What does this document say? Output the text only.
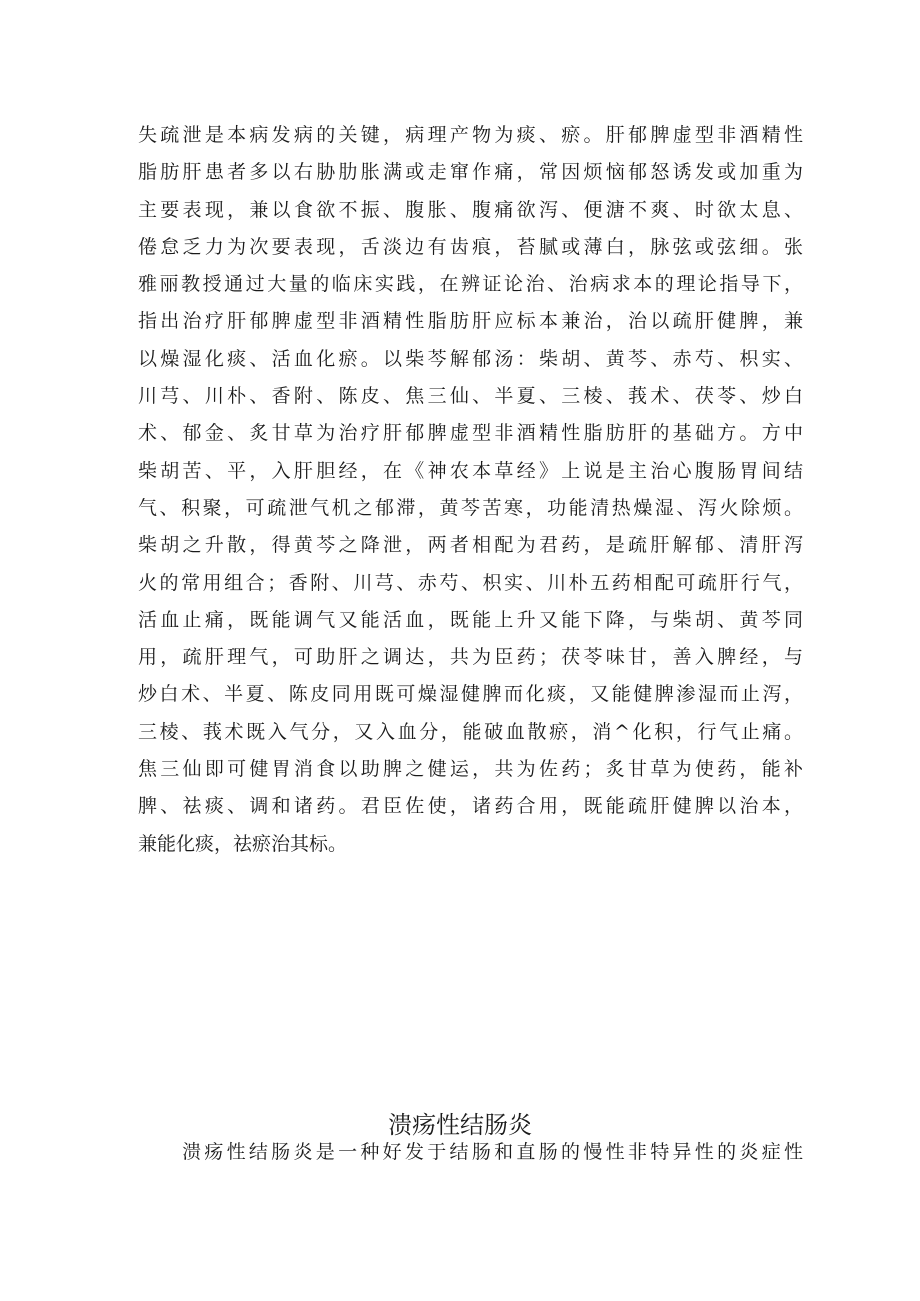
失疏泄是本病发病的关键，病理产物为痰、瘀。肝郁脾虚型非酒精性
脂肪肝患者多以右胁肋胀满或走窜作痛，常因烦恼郁怒诱发或加重为
主要表现，兼以食欲不振、腹胀、腹痛欲泻、便溏不爽、时欲太息、
倦怠乏力为次要表现，舌淡边有齿痕，苔腻或薄白，脉弦或弦细。张
雅丽教授通过大量的临床实践，在辨证论治、治病求本的理论指导下，
指出治疗肝郁脾虚型非酒精性脂肪肝应标本兼治，治以疏肝健脾，兼
以燥湿化痰、活血化瘀。以柴芩解郁汤：柴胡、黄芩、赤芍、枳实、
川芎、川朴、香附、陈皮、焦三仙、半夏、三棱、莪术、茯苓、炒白
术、郁金、炙甘草为治疗肝郁脾虚型非酒精性脂肪肝的基础方。方中
柴胡苦、平，入肝胆经，在《神农本草经》上说是主治心腹肠胃间结
气、积聚，可疏泄气机之郁滞，黄芩苦寒，功能清热燥湿、泻火除烦。
柴胡之升散，得黄芩之降泄，两者相配为君药，是疏肝解郁、清肝泻
火的常用组合；香附、川芎、赤芍、枳实、川朴五药相配可疏肝行气，
活血止痛，既能调气又能活血，既能上升又能下降，与柴胡、黄芩同
用，疏肝理气，可助肝之调达，共为臣药；茯苓味甘，善入脾经，与
炒白术、半夏、陈皮同用既可燥湿健脾而化痰，又能健脾渗湿而止泻，
三棱、莪术既入气分，又入血分，能破血散瘀，消^化积，行气止痛。
焦三仙即可健胃消食以助脾之健运，共为佐药；炙甘草为使药，能补
脾、祛痰、调和诸药。君臣佐使，诸药合用，既能疏肝健脾以治本，
兼能化痰，祛瘀治其标。
溃疡性结肠炎
溃疡性结肠炎是一种好发于结肠和直肠的慢性非特异性的炎症性
